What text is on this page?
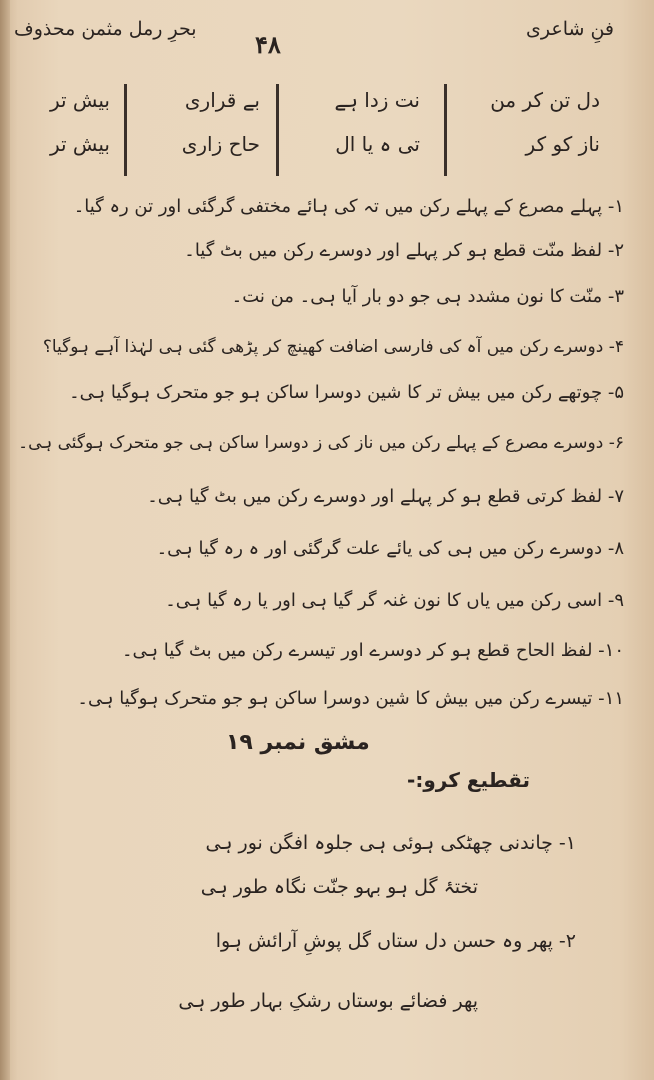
فنِ شاعری
۴۸
بحرِ رمل مثمن محذوف
دل تن کر من
ناز کو کر
نت زدا ہے
تی ہ یا ال
بے قراری
حاح زاری
بیش تر
بیش تر
۱- پہلے مصرع کے پہلے رکن میں تہ کی ہائے مختفی گرگئی اور تن رہ گیا۔
۲- لفظ منّت قطع ہو کر پہلے اور دوسرے رکن میں بٹ گیا۔
۳- منّت کا نون مشدد ہی جو دو بار آیا ہی۔ من نت۔
۴- دوسرے رکن میں آہ کی فارسی اضافت کھینچ کر پڑھی گئی ہی لہٰذا آہے ہوگیا؟
۵- چوتھے رکن میں بیش تر کا شین دوسرا ساکن ہو جو متحرک ہوگیا ہی۔
۶- دوسرے مصرع کے پہلے رکن میں ناز کی ز دوسرا ساکن ہی جو متحرک ہوگئی ہی۔
۷- لفظ کرتی قطع ہو کر پہلے اور دوسرے رکن میں بٹ گیا ہی۔
۸- دوسرے رکن میں ہی کی یائے علت گرگئی اور ہ رہ گیا ہی۔
۹- اسی رکن میں یاں کا نون غنہ گر گیا ہی اور یا رہ گیا ہی۔
۱۰- لفظ الحاح قطع ہو کر دوسرے اور تیسرے رکن میں بٹ گیا ہی۔
۱۱- تیسرے رکن میں بیش کا شین دوسرا ساکن ہو جو متحرک ہوگیا ہی۔
مشق نمبر ۱۹
تقطیع کرو:-
۱- چاندنی چھٹکی ہوئی ہی جلوہ افگن نور ہی
تختۂ گل ہو بہو جنّت نگاہ طور ہی
۲- پھر وہ حسن دل ستاں گل پوشِ آرائش ہوا
پھر فضائے بوستاں رشکِ بہار طور ہی
